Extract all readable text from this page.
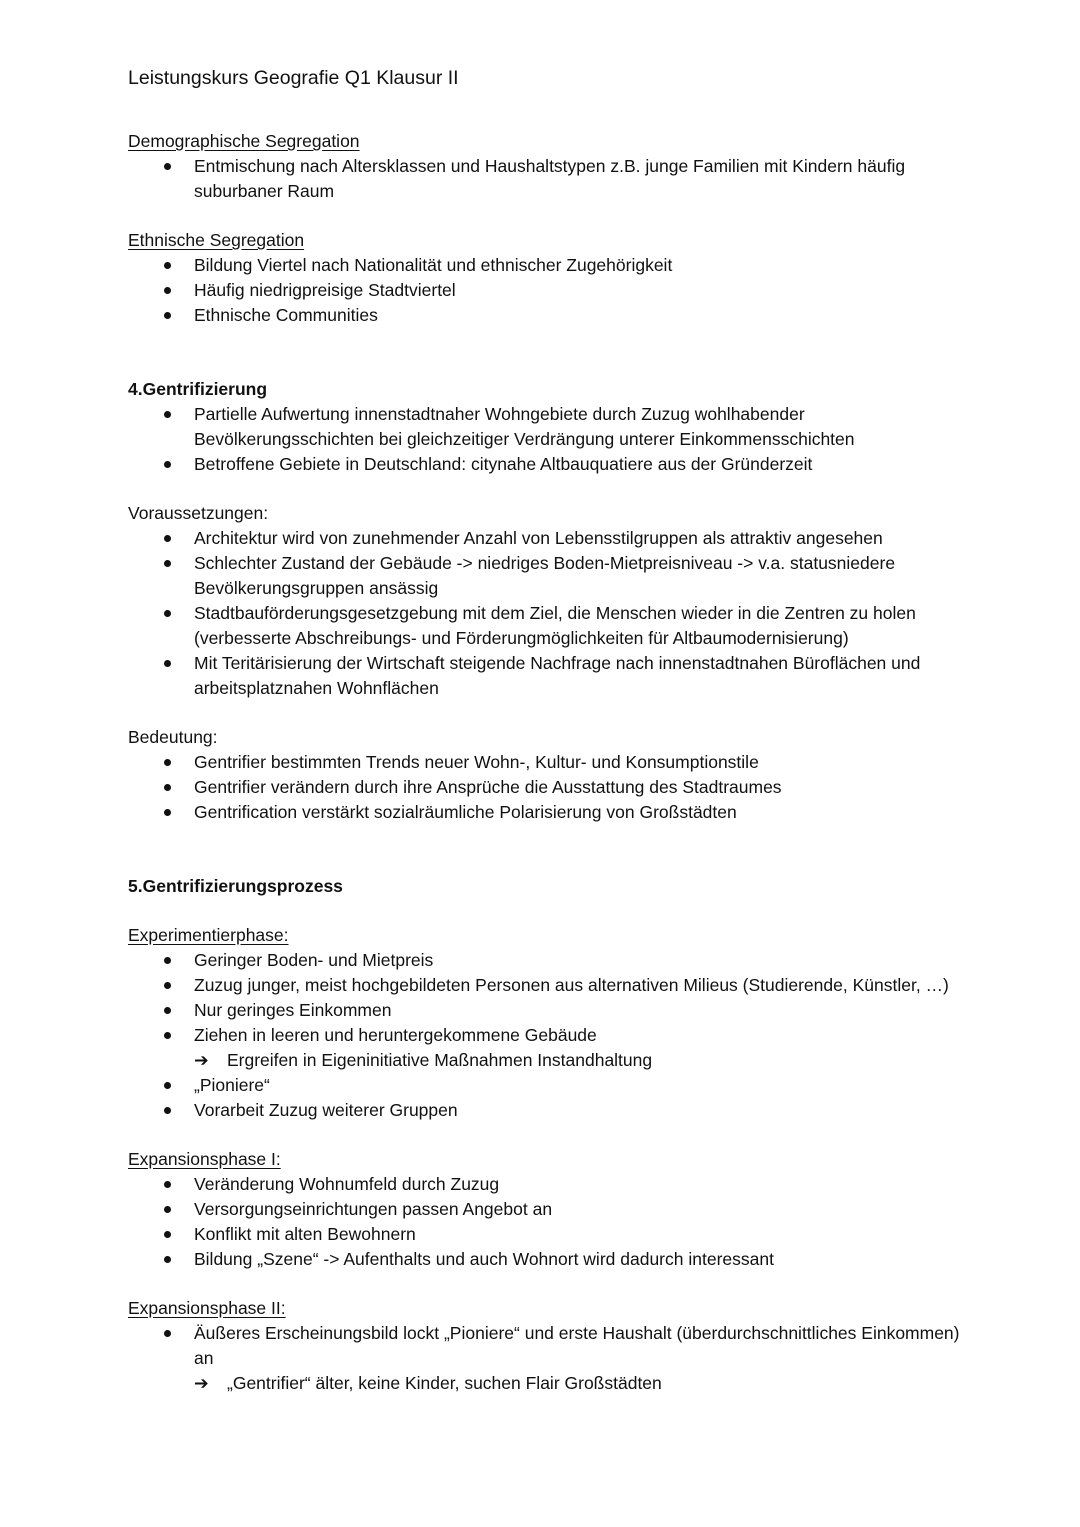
Leistungskurs Geografie Q1 Klausur II
Demographische Segregation
Entmischung nach Altersklassen und Haushaltstypen z.B. junge Familien mit Kindern häufig suburbaner Raum
Ethnische Segregation
Bildung Viertel nach Nationalität und ethnischer Zugehörigkeit
Häufig niedrigpreisige Stadtviertel
Ethnische Communities
4.Gentrifizierung
Partielle Aufwertung innenstadtnaher Wohngebiete durch Zuzug wohlhabender Bevölkerungsschichten bei gleichzeitiger Verdrängung unterer Einkommensschichten
Betroffene Gebiete in Deutschland: citynahe Altbauquatiere aus der Gründerzeit
Voraussetzungen:
Architektur wird von zunehmender Anzahl von Lebensstilgruppen als attraktiv angesehen
Schlechter Zustand der Gebäude -> niedriges Boden-Mietpreisniveau -> v.a. statusniedere Bevölkerungsgruppen ansässig
Stadtbauförderungsgesetzgebung mit dem Ziel, die Menschen wieder in die Zentren zu holen (verbesserte Abschreibungs- und Förderungmöglichkeiten für Altbaumodernisierung)
Mit Teritärisierung der Wirtschaft steigende Nachfrage nach innenstadtnahen Büroflächen und arbeitsplatznahen Wohnflächen
Bedeutung:
Gentrifier bestimmten Trends neuer Wohn-, Kultur- und Konsumptionstile
Gentrifier verändern durch ihre Ansprüche die Ausstattung des Stadtraumes
Gentrification verstärkt sozialräumliche Polarisierung von Großstädten
5.Gentrifizierungsprozess
Experimentierphase:
Geringer Boden- und Mietpreis
Zuzug junger, meist hochgebildeten Personen aus alternativen Milieus (Studierende, Künstler, …)
Nur geringes Einkommen
Ziehen in leeren und heruntergekommene Gebäude
➔ Ergreifen in Eigeninitiative Maßnahmen Instandhaltung
„Pioniere“
Vorarbeit Zuzug weiterer Gruppen
Expansionsphase I:
Veränderung Wohnumfeld durch Zuzug
Versorgungseinrichtungen passen Angebot an
Konflikt mit alten Bewohnern
Bildung „Szene“ -> Aufenthalts und auch Wohnort wird dadurch interessant
Expansionsphase II:
Äußeres Erscheinungsbild lockt „Pioniere“ und erste Haushalt (überdurchschnittliches Einkommen) an
➔ „Gentrifier“ älter, keine Kinder, suchen Flair Großstädten
